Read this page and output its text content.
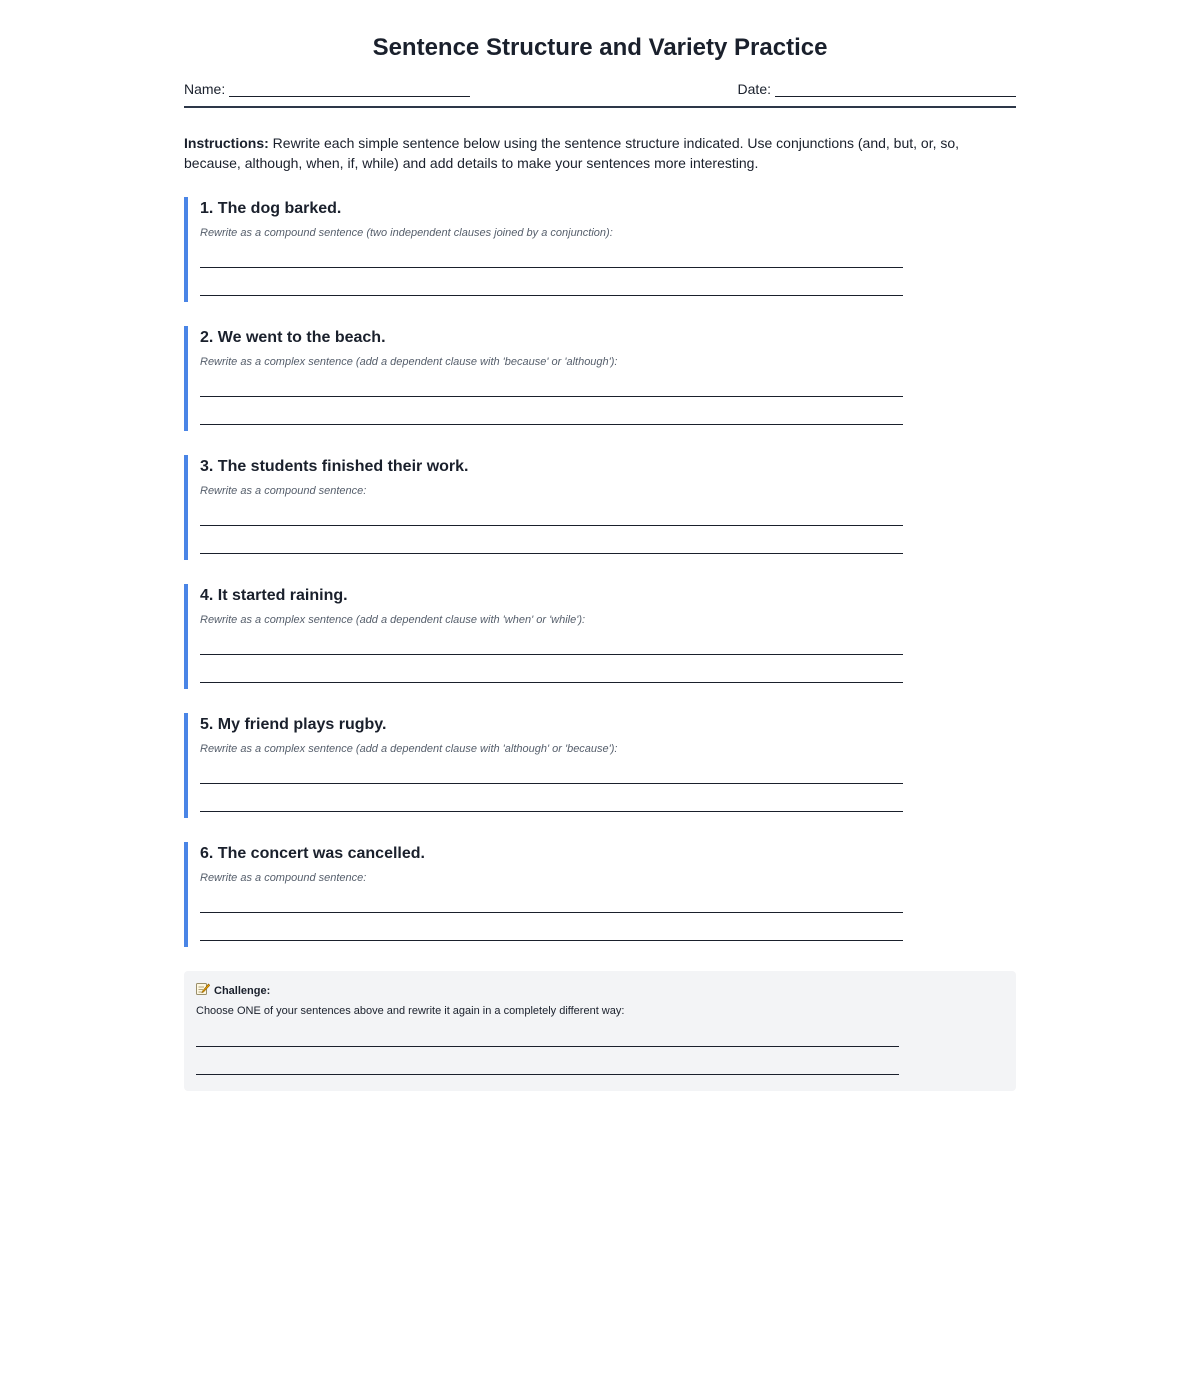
Sentence Structure and Variety Practice
Name:	Date:
Instructions: Rewrite each simple sentence below using the sentence structure indicated. Use conjunctions (and, but, or, so, because, although, when, if, while) and add details to make your sentences more interesting.
1. The dog barked.
Rewrite as a compound sentence (two independent clauses joined by a conjunction):
2. We went to the beach.
Rewrite as a complex sentence (add a dependent clause with 'because' or 'although'):
3. The students finished their work.
Rewrite as a compound sentence:
4. It started raining.
Rewrite as a complex sentence (add a dependent clause with 'when' or 'while'):
5. My friend plays rugby.
Rewrite as a complex sentence (add a dependent clause with 'although' or 'because'):
6. The concert was cancelled.
Rewrite as a compound sentence:
Challenge:
Choose ONE of your sentences above and rewrite it again in a completely different way:
